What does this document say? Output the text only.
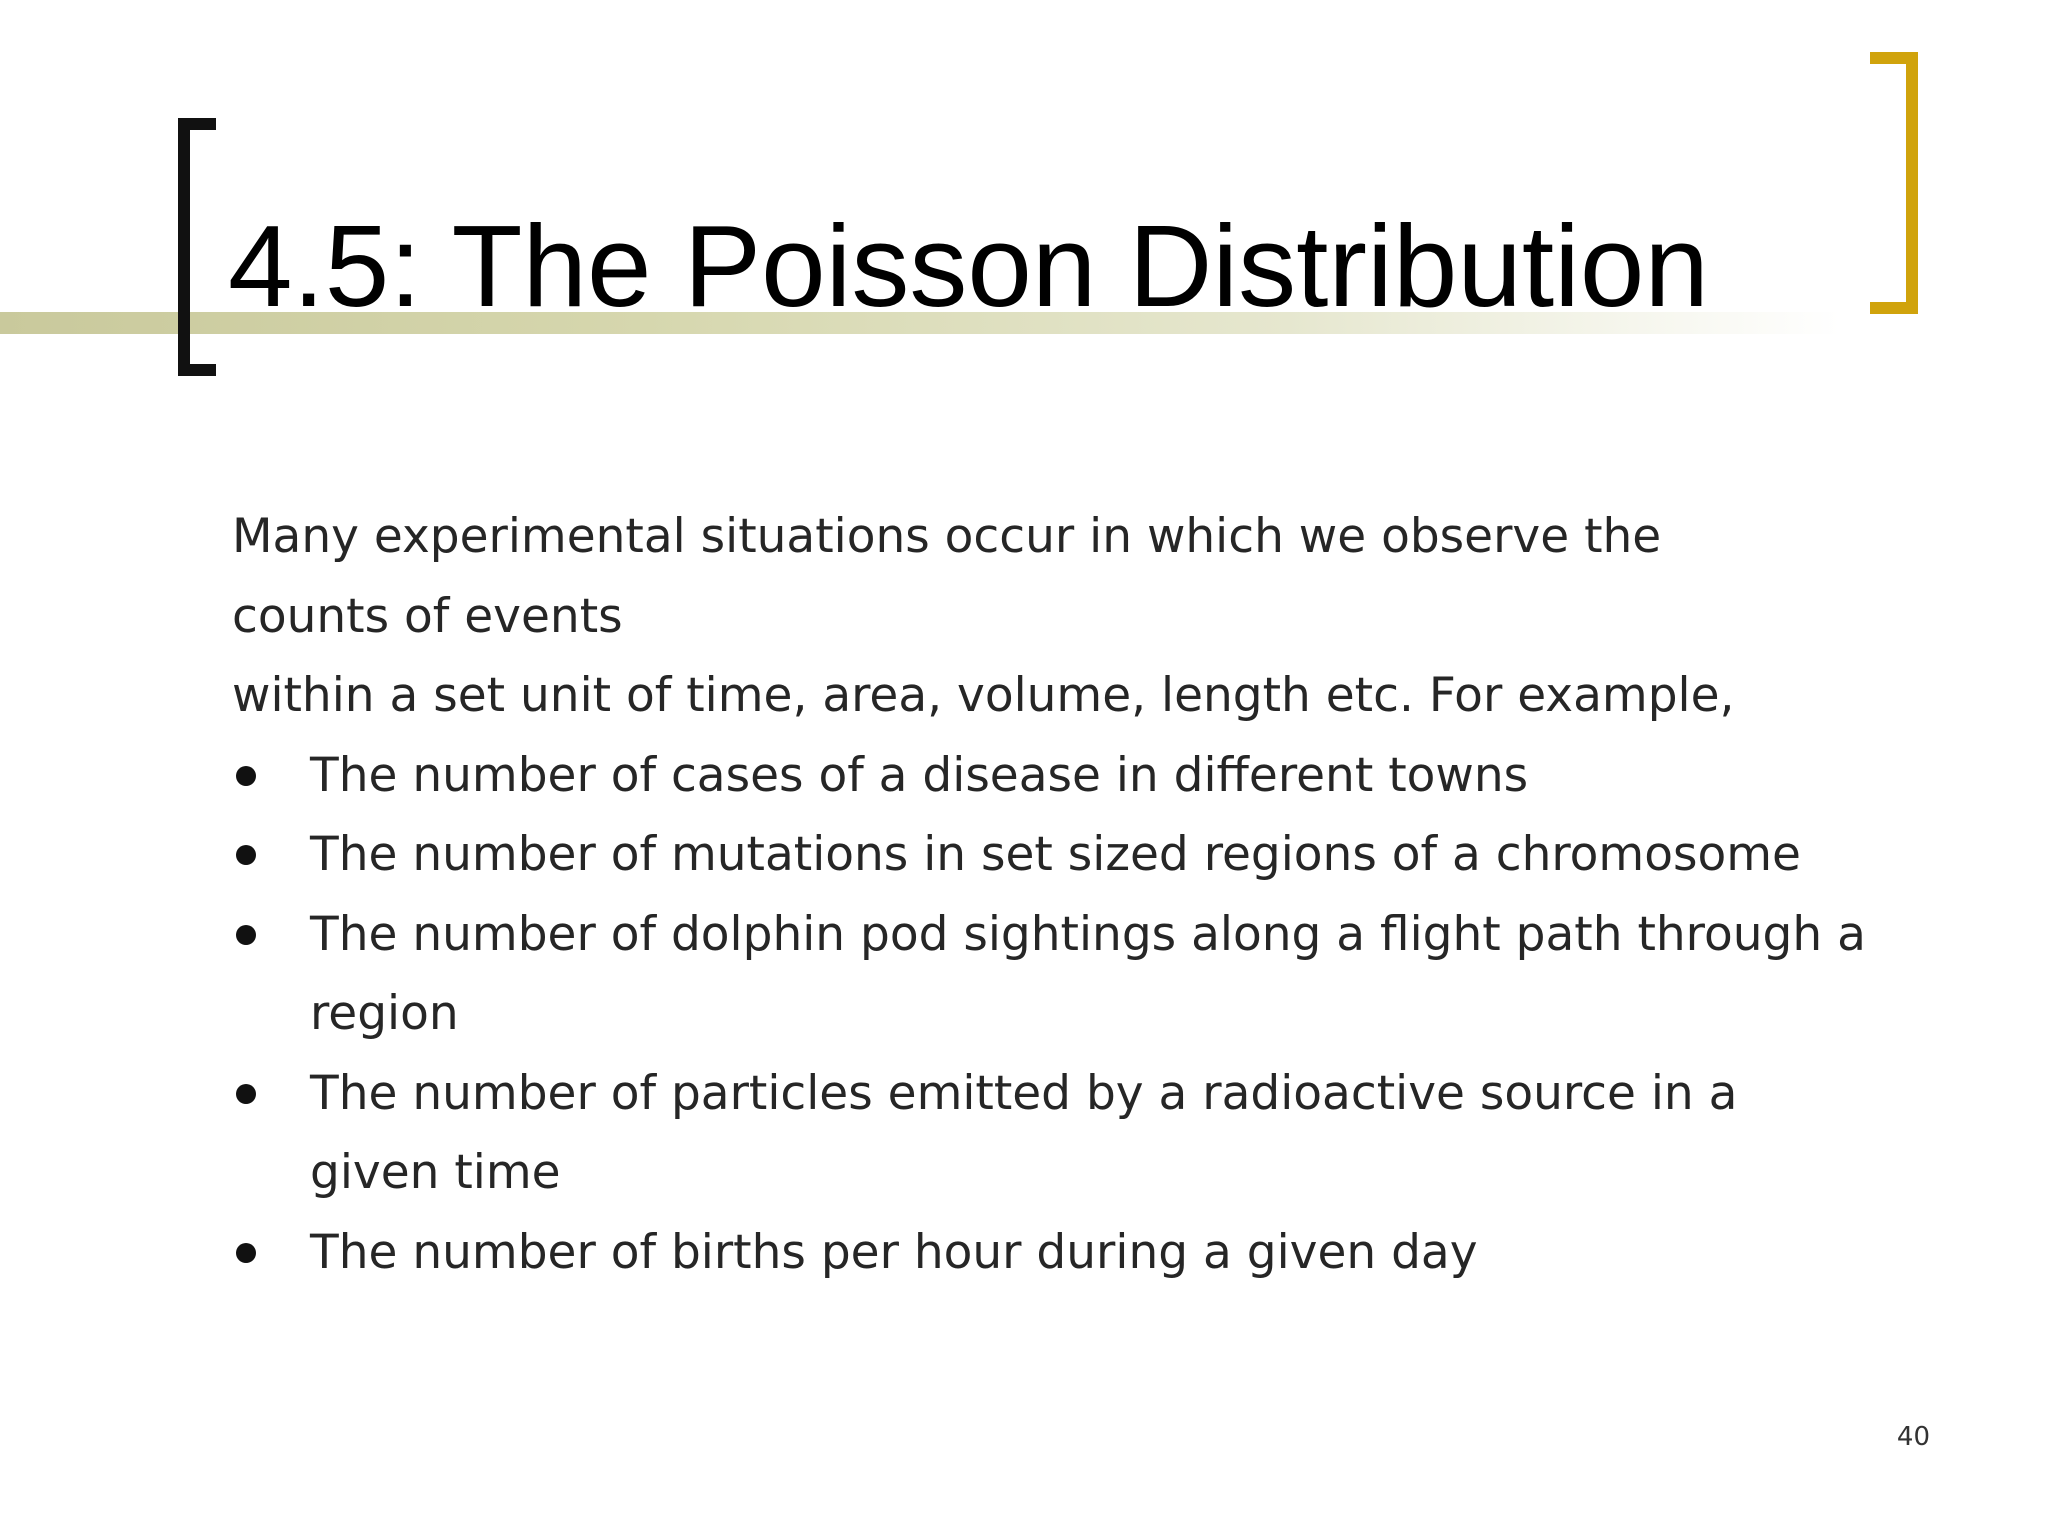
4.5: The Poisson Distribution
Many experimental situations occur in which we observe the
counts of events
within a set unit of time, area, volume, length etc. For example,
The number of cases of a disease in different towns
The number of mutations in set sized regions of a chromosome
The number of dolphin pod sightings along a flight path through a region
The number of particles emitted by a radioactive source in a given time
The number of births per hour during a given day
40
